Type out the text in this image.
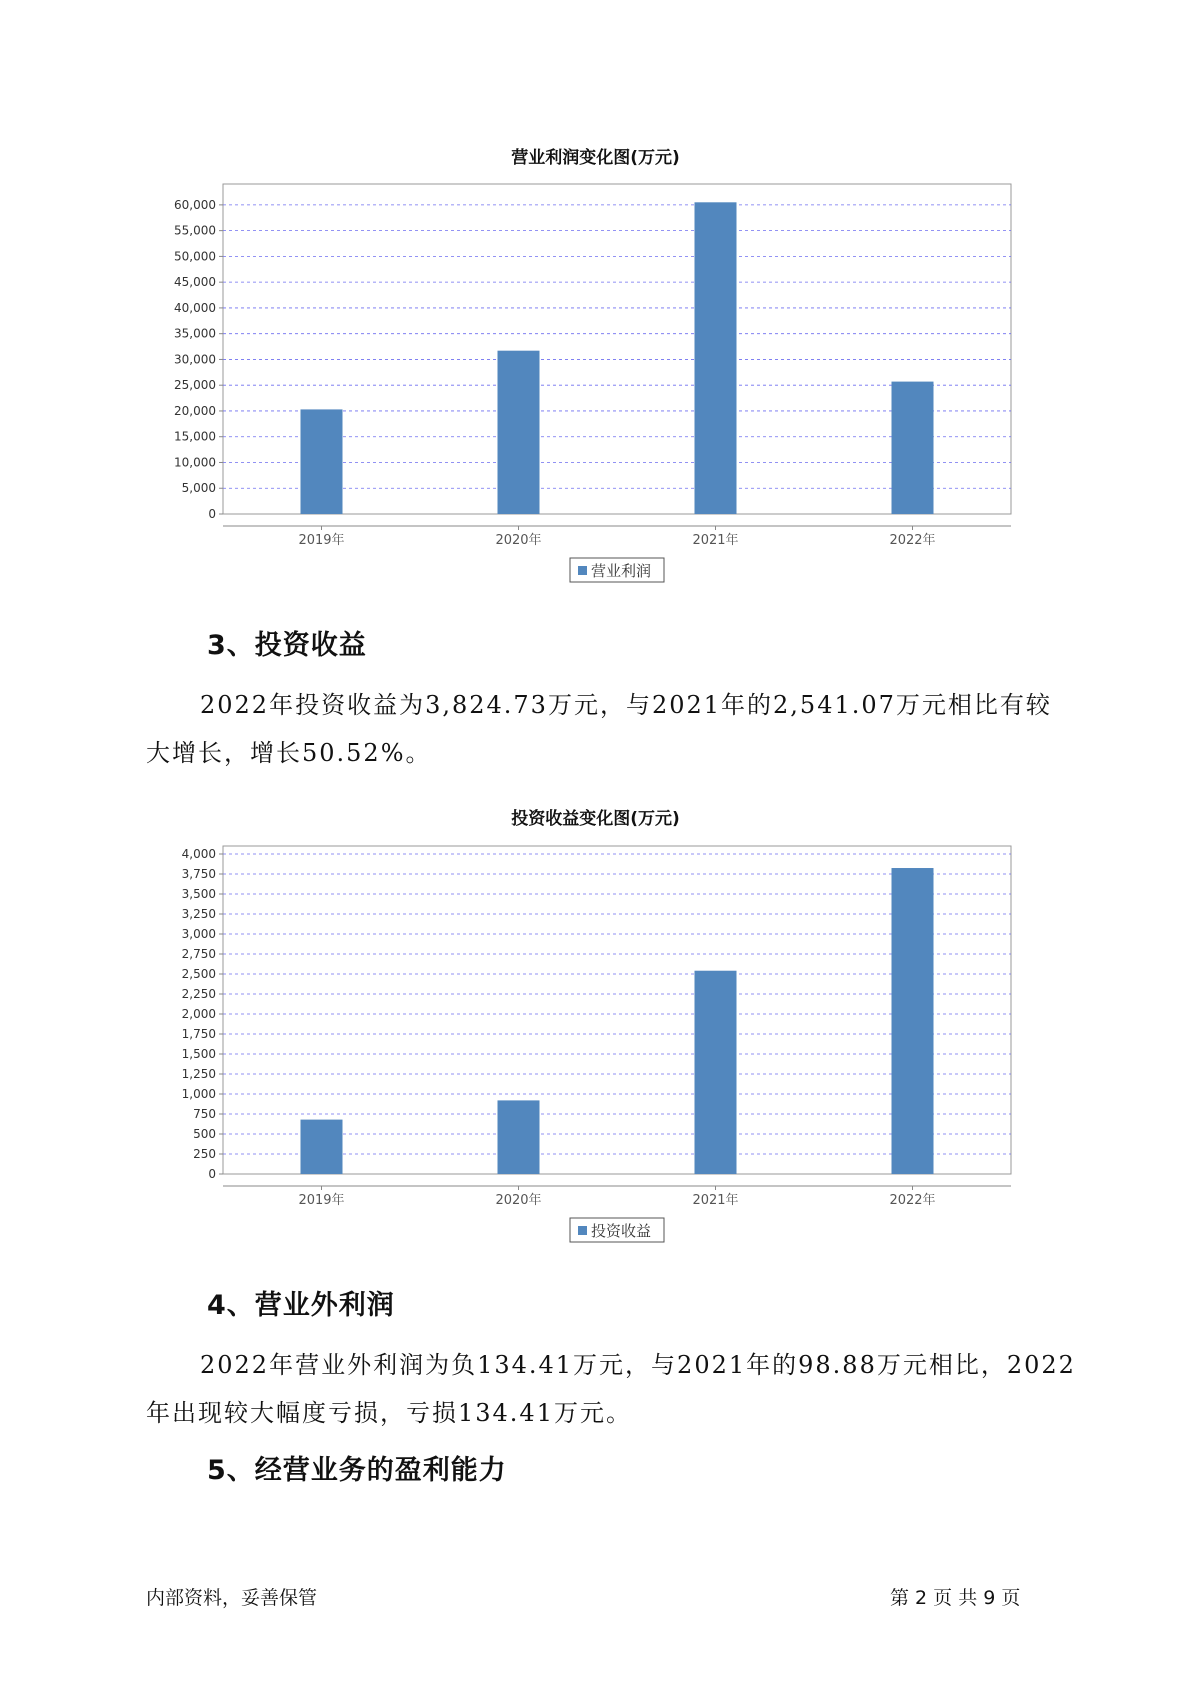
营业利润变化图(万元)
0
5,000
10,000
15,000
20,000
25,000
30,000
35,000
40,000
45,000
50,000
55,000
60,000
2019年	2020年	2021年	2022年
营业利润
3、投资收益
2022年投资收益为3,824.73万元，与2021年的2,541.07万元相比有较
大增长，增长50.52%。
投资收益变化图(万元)
0
250
500
750
1,000
1,250
1,500
1,750
2,000
2,250
2,500
2,750
3,000
3,250
3,500
3,750
4,000
2019年	2020年	2021年	2022年
投资收益
4、营业外利润
2022年营业外利润为负134.41万元，与2021年的98.88万元相比，2022
年出现较大幅度亏损，亏损134.41万元。
5、经营业务的盈利能力
内部资料，妥善保管	第 2 页 共 9 页
